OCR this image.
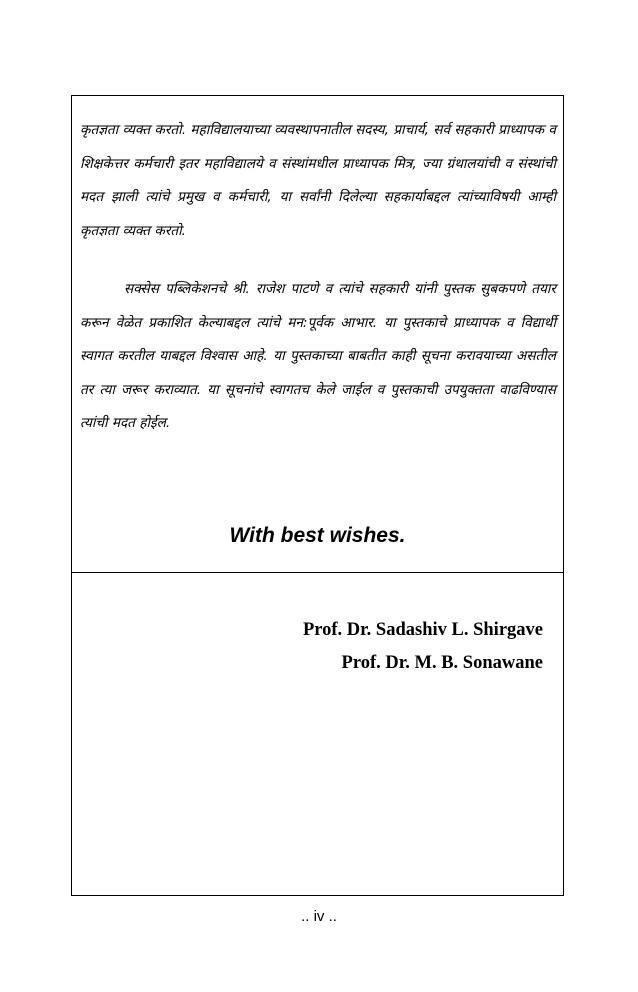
कृतज्ञता व्यक्त करतो. महाविद्यालयाच्या व्यवस्थापनातील सदस्य, प्राचार्य, सर्व सहकारी प्राध्यापक व शिक्षकेत्तर कर्मचारी इतर महाविद्यालये व संस्थांमधील प्राध्यापक मित्र, ज्या ग्रंथालयांची व संस्थांची मदत झाली त्यांचे प्रमुख व कर्मचारी, या सर्वांनी दिलेल्या सहकार्याबद्दल त्यांच्याविषयी आम्ही कृतज्ञता व्यक्त करतो.

सक्सेस पब्लिकेशनचे श्री. राजेश पाटणे व त्यांचे सहकारी यांनी पुस्तक सुबकपणे तयार करून वेळेत प्रकाशित केल्याबद्दल त्यांचे मन:पूर्वक आभार. या पुस्तकाचे प्राध्यापक व विद्यार्थी स्वागत करतील याबद्दल विश्वास आहे. या पुस्तकाच्या बाबतीत काही सूचना करावयाच्या असतील तर त्या जरूर कराव्यात. या सूचनांचे स्वागतच केले जाईल व पुस्तकाची उपयुक्तता वाढविण्यास त्यांची मदत होईल.

With best wishes.
Prof. Dr. Sadashiv L. Shirgave
Prof. Dr. M. B. Sonawane
.. iv ..
